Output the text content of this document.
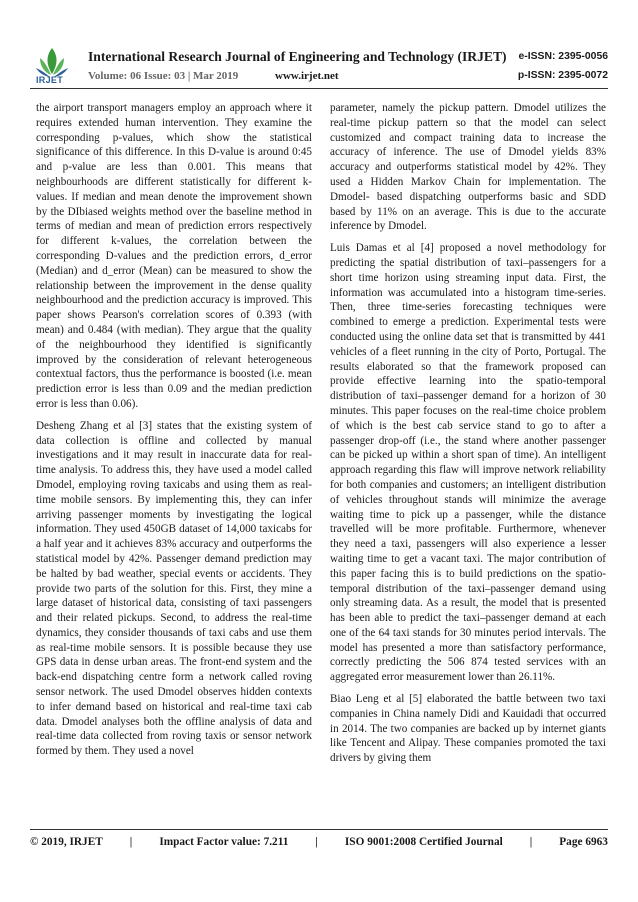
IRJET
International Research Journal of Engineering and Technology (IRJET) e-ISSN: 2395-0056
Volume: 06 Issue: 03 | Mar 2019	www.irjet.net	p-ISSN: 2395-0072

the airport transport managers employ an approach where it requires extended human intervention. They examine the corresponding p-values, which show the statistical significance of this difference. In this D-value is around 0:45 and p-value are less than 0.001. This means that neighbourhoods are different statistically for different k-values. If median and mean denote the improvement shown by the DIbiased weights method over the baseline method in terms of median and mean of prediction errors respectively for different k-values, the correlation between the corresponding D-values and the prediction errors, d_error (Median) and d_error (Mean) can be measured to show the relationship between the improvement in the dense quality neighbourhood and the prediction accuracy is improved. This paper shows Pearson's correlation scores of 0.393 (with mean) and 0.484 (with median). They argue that the quality of the neighbourhood they identified is significantly improved by the consideration of relevant heterogeneous contextual factors, thus the performance is boosted (i.e. mean prediction error is less than 0.09 and the median prediction error is less than 0.06).

Desheng Zhang et al [3] states that the existing system of data collection is offline and collected by manual investigations and it may result in inaccurate data for real-time analysis. To address this, they have used a model called Dmodel, employing roving taxicabs and using them as real-time mobile sensors. By implementing this, they can infer arriving passenger moments by investigating the logical information. They used 450GB dataset of 14,000 taxicabs for a half year and it achieves 83% accuracy and outperforms the statistical model by 42%. Passenger demand prediction may be halted by bad weather, special events or accidents. They provide two parts of the solution for this. First, they mine a large dataset of historical data, consisting of taxi passengers and their related pickups. Second, to address the real-time dynamics, they consider thousands of taxi cabs and use them as real-time mobile sensors. It is possible because they use GPS data in dense urban areas. The front-end system and the back-end dispatching centre form a network called roving sensor network. The used Dmodel observes hidden contexts to infer demand based on historical and real-time taxi cab data. Dmodel analyses both the offline analysis of data and real-time data collected from roving taxis or sensor network formed by them. They used a novel

parameter, namely the pickup pattern. Dmodel utilizes the real-time pickup pattern so that the model can select customized and compact training data to increase the accuracy of inference. The use of Dmodel yields 83% accuracy and outperforms statistical model by 42%. They used a Hidden Markov Chain for implementation. The Dmodel- based dispatching outperforms basic and SDD based by 11% on an average. This is due to the accurate inference by Dmodel.

Luis Damas et al [4] proposed a novel methodology for predicting the spatial distribution of taxi–passengers for a short time horizon using streaming input data. First, the information was accumulated into a histogram time-series. Then, three time-series forecasting techniques were combined to emerge a prediction. Experimental tests were conducted using the online data set that is transmitted by 441 vehicles of a fleet running in the city of Porto, Portugal. The results elaborated so that the framework proposed can provide effective learning into the spatio-temporal distribution of taxi–passenger demand for a horizon of 30 minutes. This paper focuses on the real-time choice problem of which is the best cab service stand to go to after a passenger drop-off (i.e., the stand where another passenger can be picked up within a short span of time). An intelligent approach regarding this flaw will improve network reliability for both companies and customers; an intelligent distribution of vehicles throughout stands will minimize the average waiting time to pick up a passenger, while the distance travelled will be more profitable. Furthermore, whenever they need a taxi, passengers will also experience a lesser waiting time to get a vacant taxi. The major contribution of this paper facing this is to build predictions on the spatio-temporal distribution of the taxi–passenger demand using only streaming data. As a result, the model that is presented has been able to predict the taxi–passenger demand at each one of the 64 taxi stands for 30 minutes period intervals. The model has presented a more than satisfactory performance, correctly predicting the 506 874 tested services with an aggregated error measurement lower than 26.11%.

Biao Leng et al [5] elaborated the battle between two taxi companies in China namely Didi and Kauidadi that occurred in 2014. The two companies are backed up by internet giants like Tencent and Alipay. These companies promoted the taxi drivers by giving them

© 2019, IRJET | Impact Factor value: 7.211 | ISO 9001:2008 Certified Journal | Page 6963
